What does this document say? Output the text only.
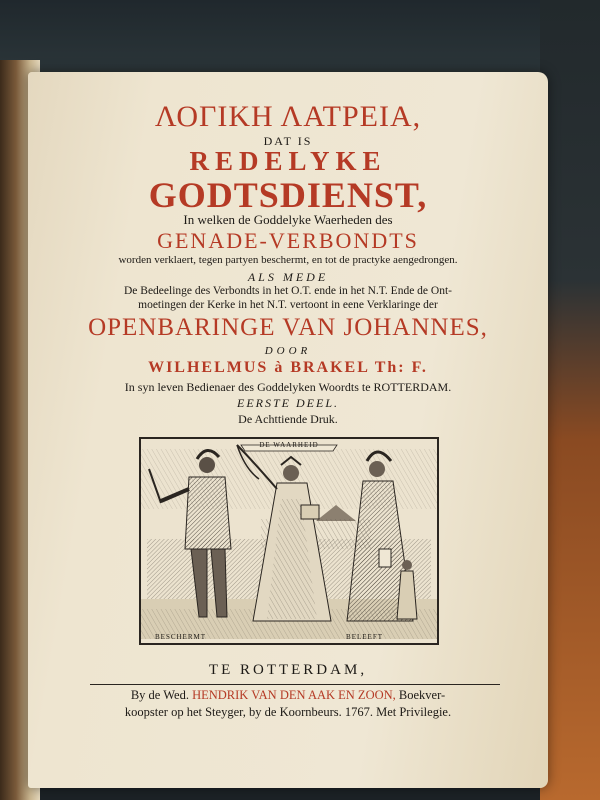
ΛΟΓΙΚΗ ΛΑΤΡΕΙΑ,
DAT IS
REDELYKE
GODTSDIENST,
In welken de Goddelyke Waerheden des
GENADE-VERBONDTS
worden verklaert, tegen partyen beschermt, en tot de practyke aengedrongen.
ALS MEDE
De Bedeelinge des Verbondts in het O.T. ende in het N.T. Ende de Ont-
moetingen der Kerke in het N.T. vertoont in eene Verklaringe der
OPENBARINGE VAN JOHANNES,
DOOR
WILHELMUS à BRAKEL Th: F.
In syn leven Bedienaer des Goddelyken Woordts te ROTTERDAM.
EERSTE DEEL.
De Achttiende Druk.
DE WAARHEID
BESCHERMT	BELEEFT
TE ROTTERDAM,
By de Wed. HENDRIK VAN DEN AAK EN ZOON, Boekver-
koopster op het Steyger, by de Koornbeurs. 1767. Met Privilegie.
